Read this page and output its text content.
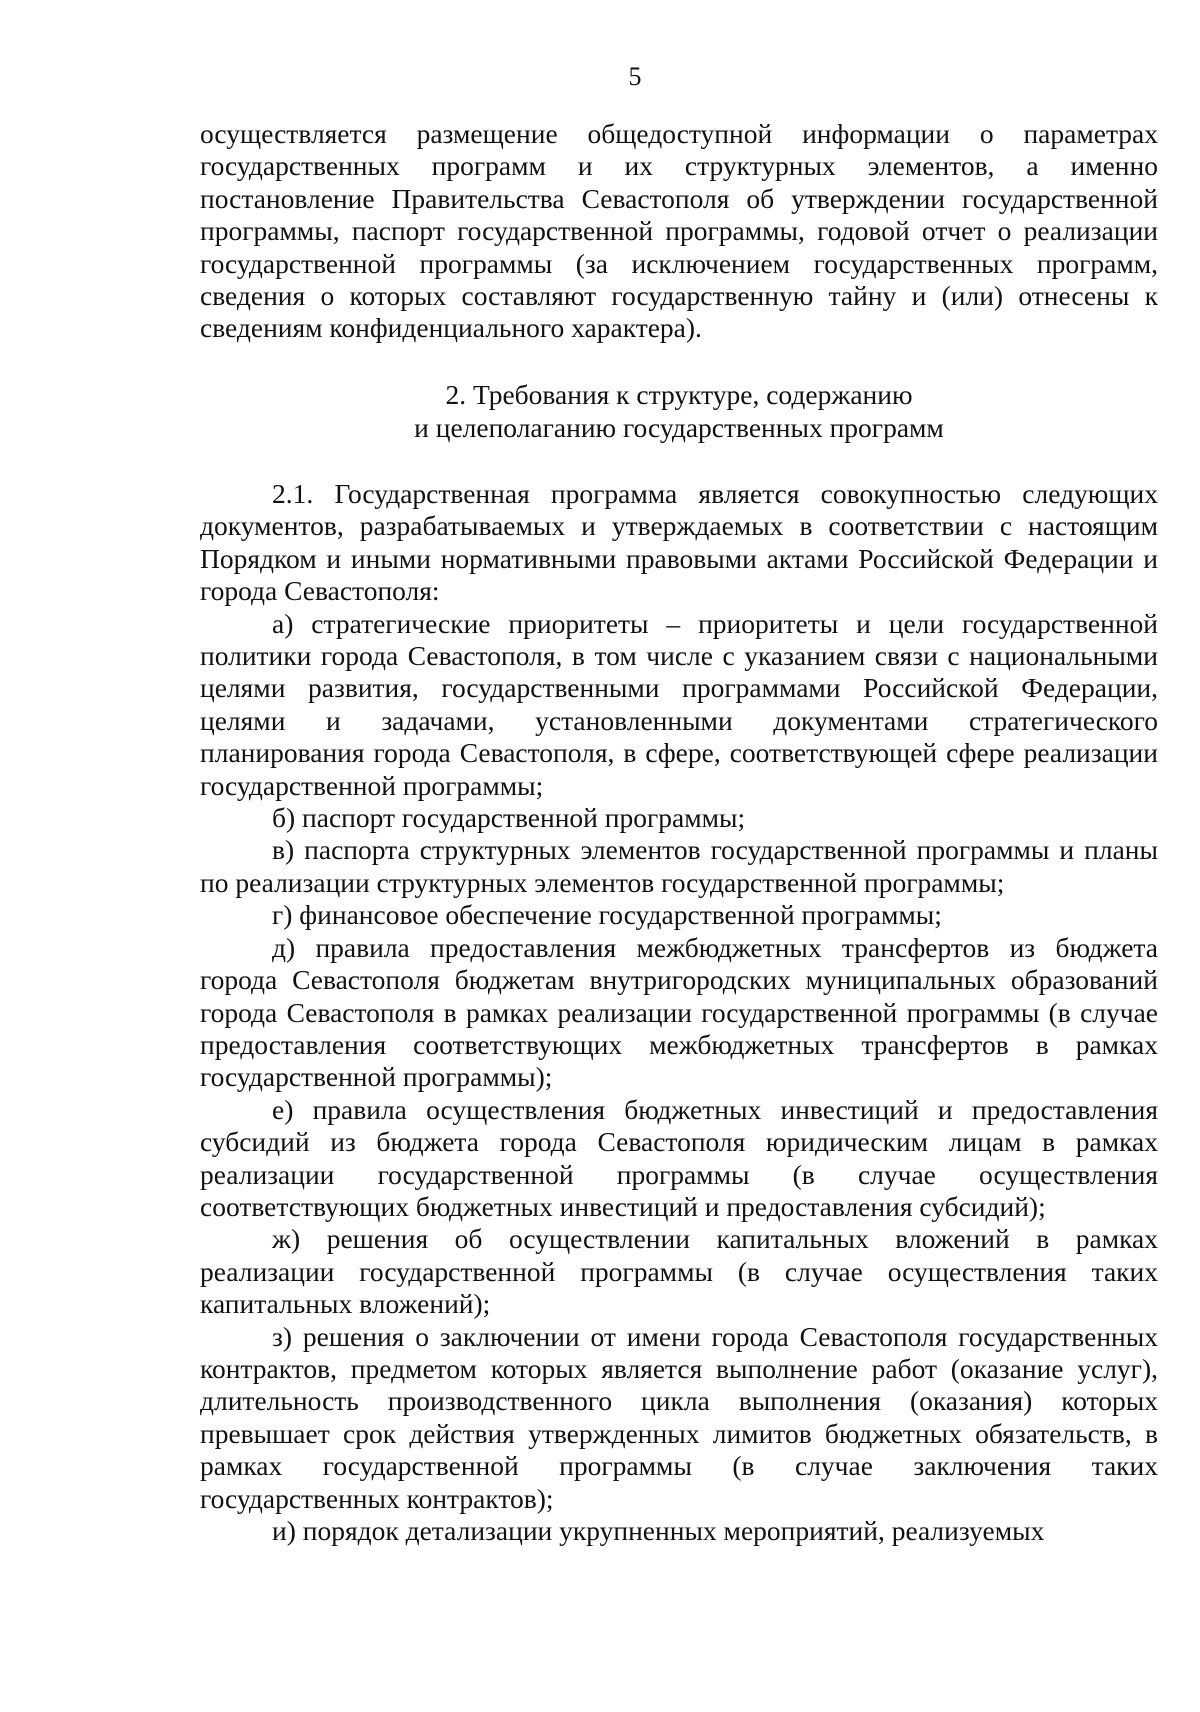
5

осуществляется размещение общедоступной информации о параметрах государственных программ и их структурных элементов, а именно постановление Правительства Севастополя об утверждении государственной программы, паспорт государственной программы, годовой отчет о реализации государственной программы (за исключением государственных программ, сведения о которых составляют государственную тайну и (или) отнесены к сведениям конфиденциального характера).

2. Требования к структуре, содержанию
и целеполаганию государственных программ

2.1. Государственная программа является совокупностью следующих документов, разрабатываемых и утверждаемых в соответствии с настоящим Порядком и иными нормативными правовыми актами Российской Федерации и города Севастополя:

а) стратегические приоритеты – приоритеты и цели государственной политики города Севастополя, в том числе с указанием связи с национальными целями развития, государственными программами Российской Федерации, целями и задачами, установленными документами стратегического планирования города Севастополя, в сфере, соответствующей сфере реализации государственной программы;

б) паспорт государственной программы;

в) паспорта структурных элементов государственной программы и планы по реализации структурных элементов государственной программы;

г) финансовое обеспечение государственной программы;

д) правила предоставления межбюджетных трансфертов из бюджета города Севастополя бюджетам внутригородских муниципальных образований города Севастополя в рамках реализации государственной программы (в случае предоставления соответствующих межбюджетных трансфертов в рамках государственной программы);

е) правила осуществления бюджетных инвестиций и предоставления субсидий из бюджета города Севастополя юридическим лицам в рамках реализации государственной программы (в случае осуществления соответствующих бюджетных инвестиций и предоставления субсидий);

ж) решения об осуществлении капитальных вложений в рамках реализации государственной программы (в случае осуществления таких капитальных вложений);

з) решения о заключении от имени города Севастополя государственных контрактов, предметом которых является выполнение работ (оказание услуг), длительность производственного цикла выполнения (оказания) которых превышает срок действия утвержденных лимитов бюджетных обязательств, в рамках государственной программы (в случае заключения таких государственных контрактов);

и) порядок детализации укрупненных мероприятий, реализуемых
